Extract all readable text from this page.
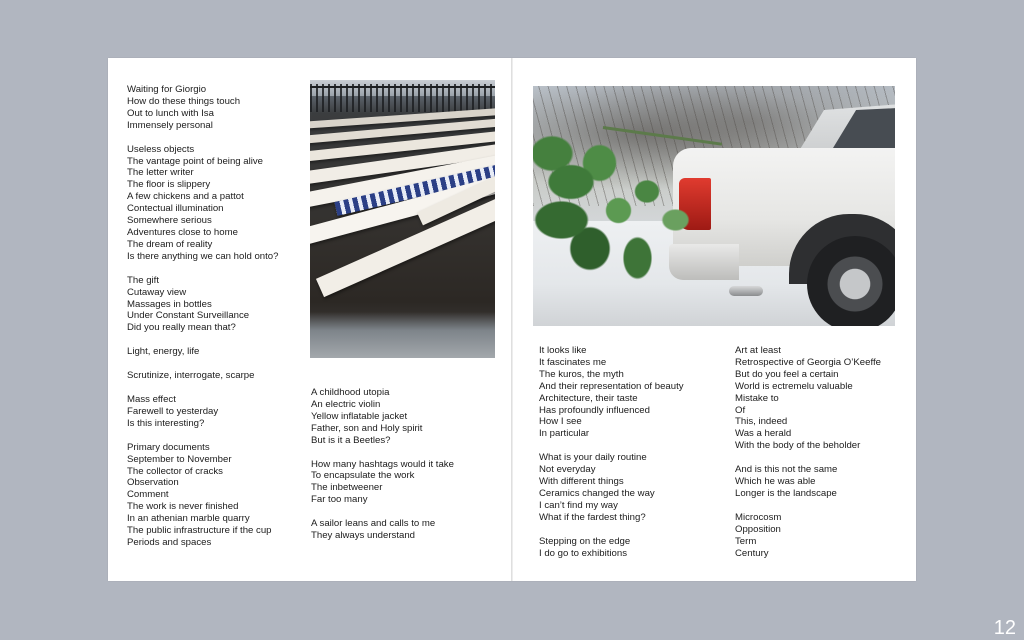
Waiting for Giorgio
How do these things touch
Out to lunch with Isa
Immensely personal
Useless objects
The vantage point of being alive
The letter writer
The floor is slippery
A few chickens and a pattot
Contectual illumination
Somewhere serious
Adventures close to home
The dream of reality
Is there anything we can hold onto?
The gift
Cutaway view
Massages in bottles
Under Constant Surveillance
Did you really mean that?
Light, energy, life
Scrutinize, interrogate, scarpe
Mass effect
Farewell to yesterday
Is this interesting?
Primary documents
September to November
The collector of cracks
Observation
Comment
The work is never finished
In an athenian marble quarry
The public infrastructure if the cup
Periods and spaces
A childhood utopia
An electric violin
Yellow inflatable jacket
Father, son and Holy spirit
But is it a Beetles?
How many hashtags would it take
To encapsulate the work
The inbetweener
Far too many
A sailor leans and calls to me
They always understand
It looks like
It fascinates me
The kuros, the myth
And their representation of beauty
Architecture, their taste
Has profoundly influenced
How I see
In particular
What is your daily routine
Not everyday
With different things
Ceramics changed the way
I can’t find my way
What if the fardest thing?
Stepping on the edge
I do go to exhibitions
Art at least
Retrospective of Georgia O’Keeffe
But do you feel a certain
World is ectremelu valuable
Mistake to
Of
This, indeed
Was a herald
With the body of the beholder
And is this not the same
Which he was able
Longer is the landscape
Microcosm
Opposition
Term
Century
12
